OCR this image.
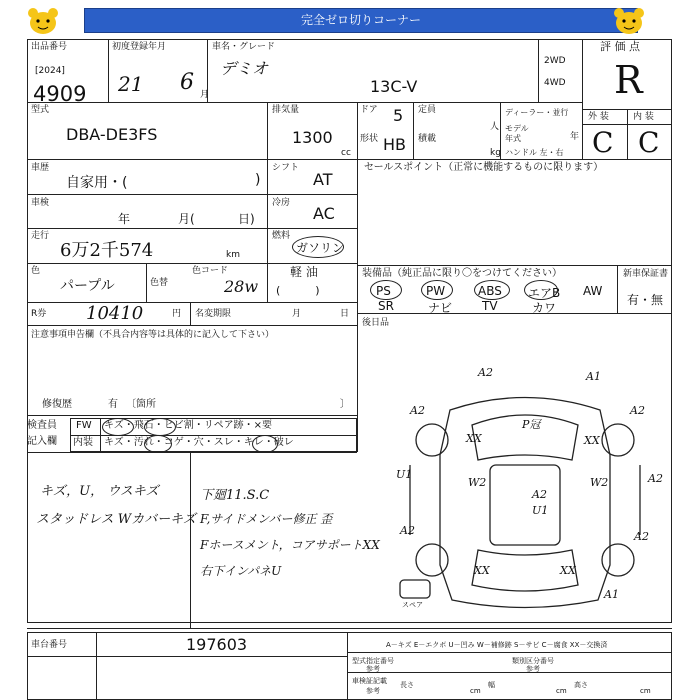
完全ゼロ切りコーナー
出品番号
[2024]
4909
初度登録年月
21 6 月
車名・グレード
デミオ
13C-V
2WD
4WD
評 価 点
R
外 装	内 装
C C
型式
DBA-DE3FS
排気量
1300
cc
ドア 5
形状 HB
定員
人
積載
kg
ディーラー・並行
モデル
年式	年
ハンドル 左・右
車歴
自家用・(	)
シフト
AT
セールスポイント（正常に機能するものに限ります）
車検
年	月(	日)
冷房
AC
走行
6万2千574	km
燃料
ガソリン
軽 油
(          )
色
パープル	色替
色コード
28w
装備品（純正品に限り〇をつけてください）	新車保証書
有・無
PS	PW	ABS エアB AW
SR	ナビ TV	カワ
後日品
R券 10410	円 名変期限	月	日
注意事項申告欄（不具合内容等は具体的に記入して下さい）
修復歴	有 〔箇所	〕
検査員
記入欄
FW キズ・飛石・ヒビ割・リペア跡・×要
内装 キズ・汚れ・コゲ・穴・スレ・キレ・破レ
キズ，U， ウスキズ
スタッドレス Wカバーキズ
下廻11.S.C
F,サイドメンバー修正 歪
Fホースメント，コアサポートXX
右下インパネU
A2	A1
A2
XX
P冠
XX
A2
U1
W2	W2	A2
A2
U1
A2	A2
A1
XX	XX
スペア
車台番号	197603	A－キズ E－エクボ U－凹み W－補修跡 S－サビ C－腐食 XX－交換済
型式指定番号
参考
類別区分番号
参考
車検証記載
参考
長さ
cm
幅
cm
高さ
cm
